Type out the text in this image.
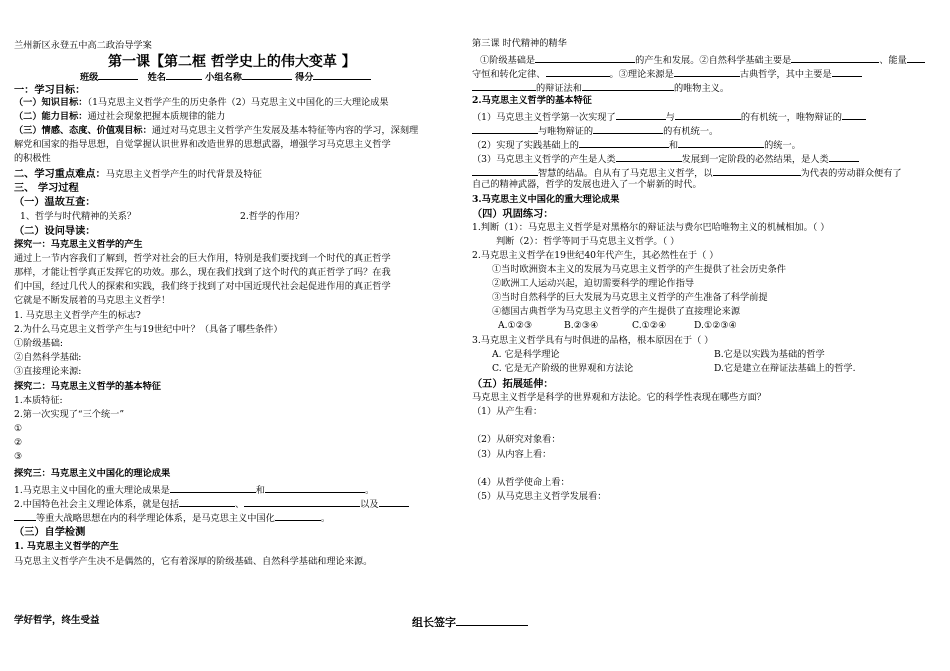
兰州新区永登五中高二政治导学案
第一课【第二框 哲学史上的伟大变革 】
班级	姓名	小组名称	得分
一：学习目标：
（一）知识目标：（1马克思主义哲学产生的历史条件（2）马克思主义中国化的三大理论成果
（二）能力目标：通过社会现象把握本质规律的能力
（三）情感、态度、价值观目标：通过对马克思主义哲学产生发展及基本特征等内容的学习，深刻理
解党和国家的指导思想，自觉掌握认识世界和改造世界的思想武器，增强学习马克思主义哲学
的积极性
二、学习重点难点：马克思主义哲学产生的时代背景及特征
三、 学习过程
（一）温故互查：
1、哲学与时代精神的关系？	2.哲学的作用？
（二）设问导读：
探究一：马克思主义哲学的产生
通过上一节内容我们了解到，哲学对社会的巨大作用，特别是我们要找到一个时代的真正哲学
那样，才能让哲学真正发挥它的功效。那么，现在我们找到了这个时代的真正哲学了吗？在我
们中国，经过几代人的探索和实践，我们终于找到了对中国近现代社会起促进作用的真正哲学
它就是不断发展着的马克思主义哲学！
1. 马克思主义哲学产生的标志?
2.为什么马克思主义哲学产生与19世纪中叶？（具备了哪些条件）
①阶级基础:
②自然科学基础:
③直接理论来源:
探究二：马克思主义哲学的基本特征
1.本质特征:
2.第一次实现了“三个统一”
①
②
③
探究三：马克思主义中国化的理论成果
1.马克思主义中国化的重大理论成果是	和	。
2.中国特色社会主义理论体系，就是包括	、	以及
等重大战略思想在内的科学理论体系，是马克思主义中国化	。
（三）自学检测
1. 马克思主义哲学的产生
马克思主义哲学产生决不是偶然的，它有着深厚的阶级基础、自然科学基础和理论来源。
第三课 时代精神的精华
①阶级基础是	的产生和发展。②自然科学基础主要是	、能量
守恒和转化定律、	。③理论来源是	古典哲学，其中主要是
的辩证法和	的唯物主义。
2.马克思主义哲学的基本特征
（1）马克思主义哲学第一次实现了	与	的有机统一，唯物辩证的
与唯物辩证的	的有机统一。
（2）实现了实践基础上的	和	的统一。
（3）马克思主义哲学的产生是人类	发展到一定阶段的必然结果，是人类
智慧的结晶。自从有了马克思主义哲学，以	为代表的劳动群众便有了
自己的精神武器，哲学的发展也进入了一个崭新的时代。
3.马克思主义中国化的重大理论成果
（四）巩固练习：
1.判断（1）：马克思主义哲学是对黑格尔的辩证法与费尔巴哈唯物主义的机械相加。（ ）
判断（2）：哲学等同于马克思主义哲学。（ ）
2.马克思主义哲学在19世纪40年代产生，其必然性在于（ ）
①当时欧洲资本主义的发展为马克思主义哲学的产生提供了社会历史条件
②欧洲工人运动兴起，迫切需要科学的理论作指导
③当时自然科学的巨大发展为马克思主义哲学的产生准备了科学前提
④德国古典哲学为马克思主义哲学的产生提供了直接理论来源
A.①②③	B.②③④	C.①②④	D.①②③④
3.马克思主义哲学具有与时俱进的品格，根本原因在于（ ）
A. 它是科学理论	B.它是以实践为基础的哲学
C. 它是无产阶级的世界观和方法论	D.它是建立在辩证法基础上的哲学.
（五）拓展延伸：
马克思主义哲学是科学的世界观和方法论。它的科学性表现在哪些方面？
（1）从产生看：
（2）从研究对象看：
（3）从内容上看：
（4）从哲学使命上看：
（5）从马克思主义哲学发展看：
学好哲学，终生受益	组长签字
